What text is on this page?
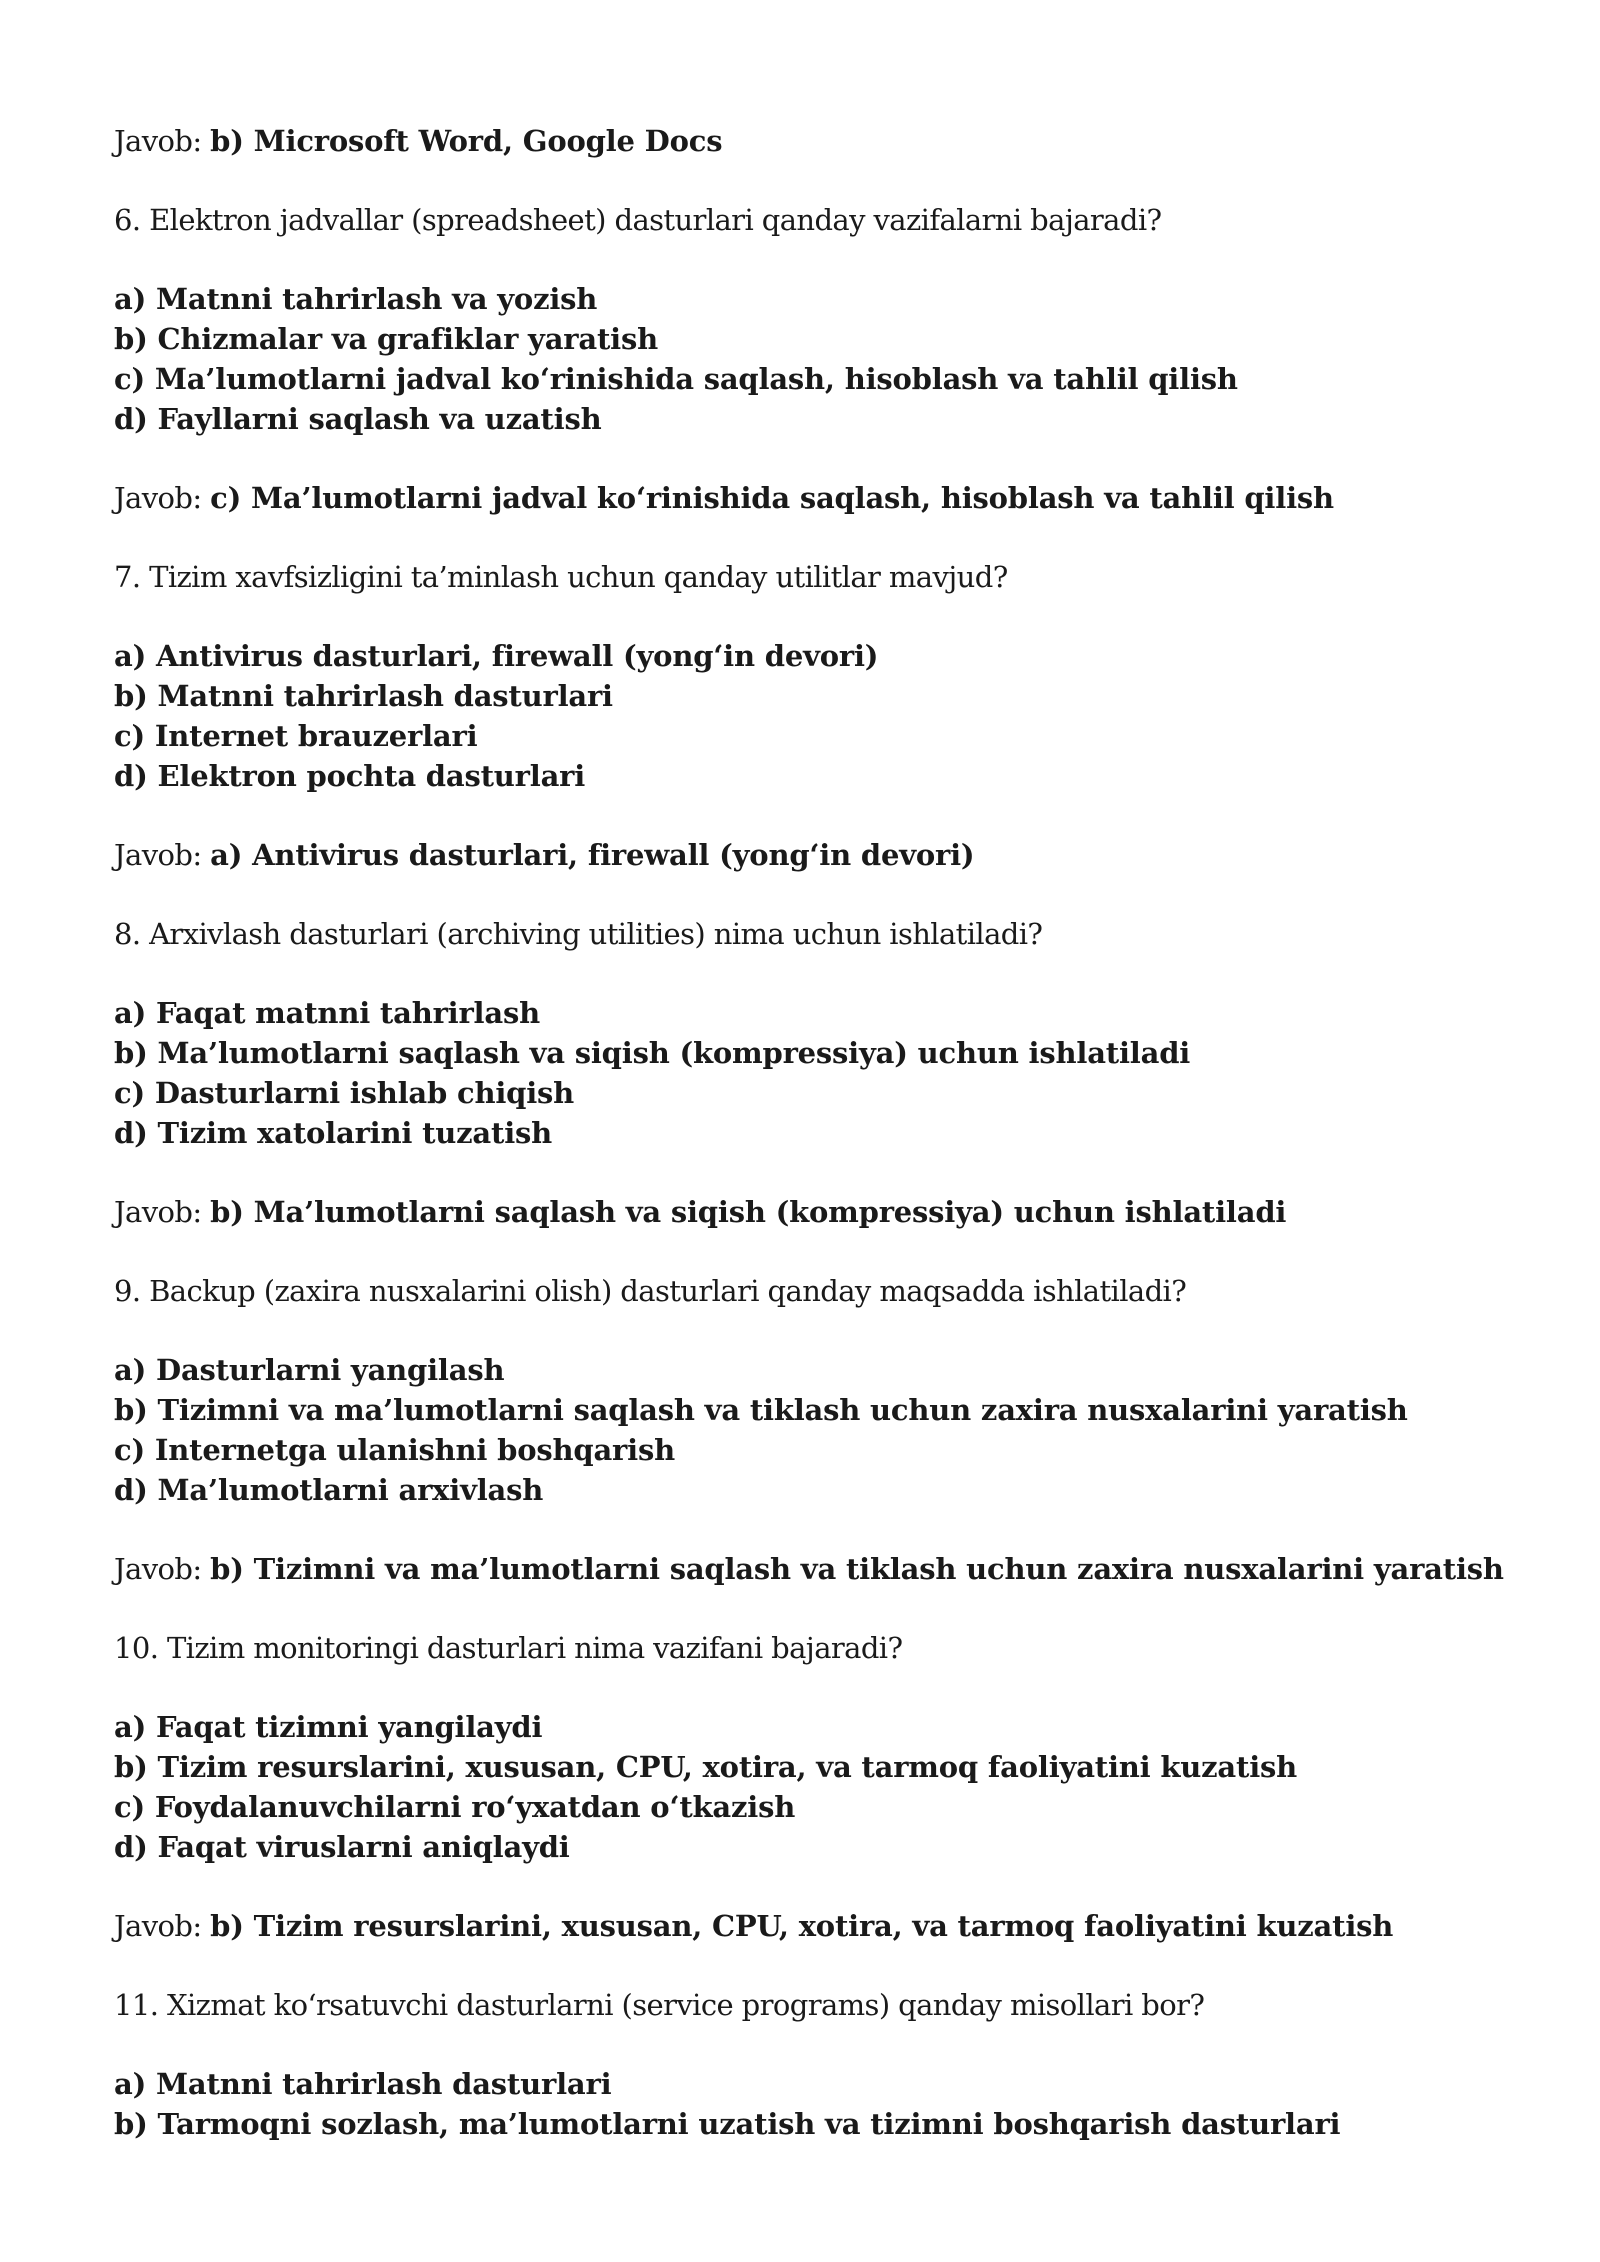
Javob: b) Microsoft Word, Google Docs
6. Elektron jadvallar (spreadsheet) dasturlari qanday vazifalarni bajaradi?
a) Matnni tahrirlash va yozish
b) Chizmalar va grafiklar yaratish
c) Ma’lumotlarni jadval ko‘rinishida saqlash, hisoblash va tahlil qilish
d) Fayllarni saqlash va uzatish
Javob: c) Ma’lumotlarni jadval ko‘rinishida saqlash, hisoblash va tahlil qilish
7. Tizim xavfsizligini ta’minlash uchun qanday utilitlar mavjud?
a) Antivirus dasturlari, firewall (yong‘in devori)
b) Matnni tahrirlash dasturlari
c) Internet brauzerlari
d) Elektron pochta dasturlari
Javob: a) Antivirus dasturlari, firewall (yong‘in devori)
8. Arxivlash dasturlari (archiving utilities) nima uchun ishlatiladi?
a) Faqat matnni tahrirlash
b) Ma’lumotlarni saqlash va siqish (kompressiya) uchun ishlatiladi
c) Dasturlarni ishlab chiqish
d) Tizim xatolarini tuzatish
Javob: b) Ma’lumotlarni saqlash va siqish (kompressiya) uchun ishlatiladi
9. Backup (zaxira nusxalarini olish) dasturlari qanday maqsadda ishlatiladi?
a) Dasturlarni yangilash
b) Tizimni va ma’lumotlarni saqlash va tiklash uchun zaxira nusxalarini yaratish
c) Internetga ulanishni boshqarish
d) Ma’lumotlarni arxivlash
Javob: b) Tizimni va ma’lumotlarni saqlash va tiklash uchun zaxira nusxalarini yaratish
10. Tizim monitoringi dasturlari nima vazifani bajaradi?
a) Faqat tizimni yangilaydi
b) Tizim resurslarini, xususan, CPU, xotira, va tarmoq faoliyatini kuzatish
c) Foydalanuvchilarni ro‘yxatdan o‘tkazish
d) Faqat viruslarni aniqlaydi
Javob: b) Tizim resurslarini, xususan, CPU, xotira, va tarmoq faoliyatini kuzatish
11. Xizmat ko‘rsatuvchi dasturlarni (service programs) qanday misollari bor?
a) Matnni tahrirlash dasturlari
b) Tarmoqni sozlash, ma’lumotlarni uzatish va tizimni boshqarish dasturlari
